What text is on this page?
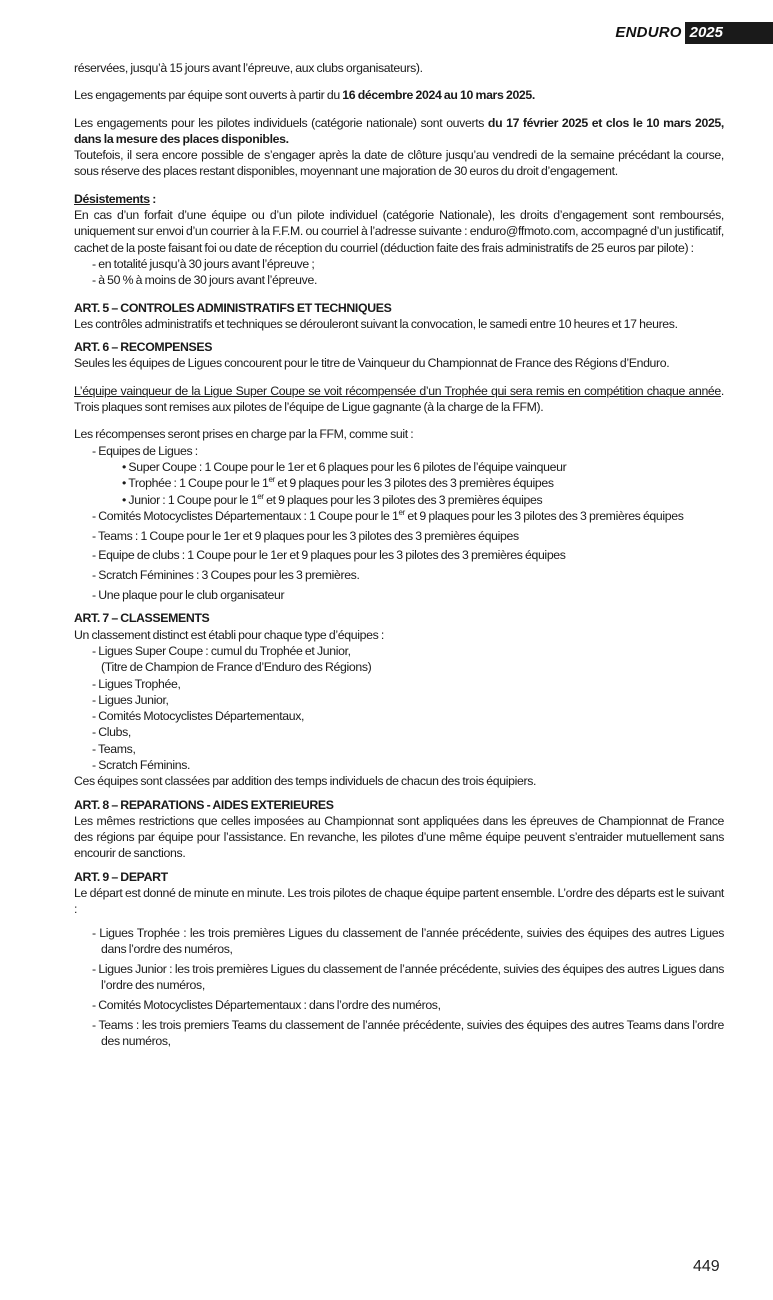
ENDURO 2025

réservées, jusqu’à 15 jours avant l’épreuve, aux clubs organisateurs).

Les engagements par équipe sont ouverts à partir du 16 décembre 2024 au 10 mars 2025.

Les engagements pour les pilotes individuels (catégorie nationale) sont ouverts du 17 février 2025 et clos le 10 mars 2025, dans la mesure des places disponibles.

Toutefois, il sera encore possible de s’engager après la date de clôture jusqu’au vendredi de la semaine précédant la course, sous réserve des places restant disponibles, moyennant une majoration de 30 euros du droit d’engagement.

Désistements :

En cas d’un forfait d’une équipe ou d’un pilote individuel (catégorie Nationale), les droits d’engagement sont remboursés, uniquement sur envoi d’un courrier à la F.F.M. ou courriel à l’adresse suivante : enduro@ffmoto.com, accompagné d’un justificatif, cachet de la poste faisant foi ou date de réception du courriel (déduction faite des frais administratifs de 25 euros par pilote) :

- en totalité jusqu’à 30 jours avant l’épreuve ;

- à 50 % à moins de 30 jours avant l’épreuve.

ART. 5 – CONTROLES ADMINISTRATIFS ET TECHNIQUES

Les contrôles administratifs et techniques se dérouleront suivant la convocation, le samedi entre 10 heures et 17 heures.

ART. 6 – RECOMPENSES

Seules les équipes de Ligues concourent pour le titre de Vainqueur du Championnat de France des Régions d’Enduro.

L’équipe vainqueur de la Ligue Super Coupe se voit récompensée d’un Trophée qui sera remis en compétition chaque année. Trois plaques sont remises aux pilotes de l’équipe de Ligue gagnante (à la charge de la FFM).

Les récompenses seront prises en charge par la FFM, comme suit :

- Equipes de Ligues :

• Super Coupe : 1 Coupe pour le 1er et 6 plaques pour les 6 pilotes de l’équipe vainqueur

• Trophée : 1 Coupe pour le 1er et 9 plaques pour les 3 pilotes des 3 premières équipes

• Junior : 1 Coupe pour le 1er et 9 plaques pour les 3 pilotes des 3 premières équipes

- Comités Motocyclistes Départementaux : 1 Coupe pour le 1er et 9 plaques pour les 3 pilotes des 3 premières équipes

- Teams : 1 Coupe pour le 1er et 9 plaques pour les 3 pilotes des 3 premières équipes

- Equipe de clubs : 1 Coupe pour le 1er et 9 plaques pour les 3 pilotes des 3 premières équipes

- Scratch Féminines : 3 Coupes pour les 3 premières.

- Une plaque pour le club organisateur

ART. 7 – CLASSEMENTS

Un classement distinct est établi pour chaque type d’équipes :

- Ligues Super Coupe : cumul du Trophée et Junior,

(Titre de Champion de France d’Enduro des Régions)

- Ligues Trophée,

- Ligues Junior,

- Comités Motocyclistes Départementaux,

- Clubs,

- Teams,

- Scratch Féminins.

Ces équipes sont classées par addition des temps individuels de chacun des trois équipiers.

ART. 8 – REPARATIONS - AIDES EXTERIEURES

Les mêmes restrictions que celles imposées au Championnat sont appliquées dans les épreuves de Championnat de France des régions par équipe pour l’assistance. En revanche, les pilotes d’une même équipe peuvent s’entraider mutuellement sans encourir de sanctions.

ART. 9 – DEPART

Le départ est donné de minute en minute. Les trois pilotes de chaque équipe partent ensemble. L’ordre des départs est le suivant :

- Ligues Trophée : les trois premières Ligues du classement de l’année précédente, suivies des équipes des autres Ligues dans l’ordre des numéros,

- Ligues Junior : les trois premières Ligues du classement de l’année précédente, suivies des équipes des autres Ligues dans l’ordre des numéros,

- Comités Motocyclistes Départementaux : dans l’ordre des numéros,

- Teams : les trois premiers Teams du classement de l’année précédente, suivies des équipes des autres Teams dans l’ordre des numéros,

449
